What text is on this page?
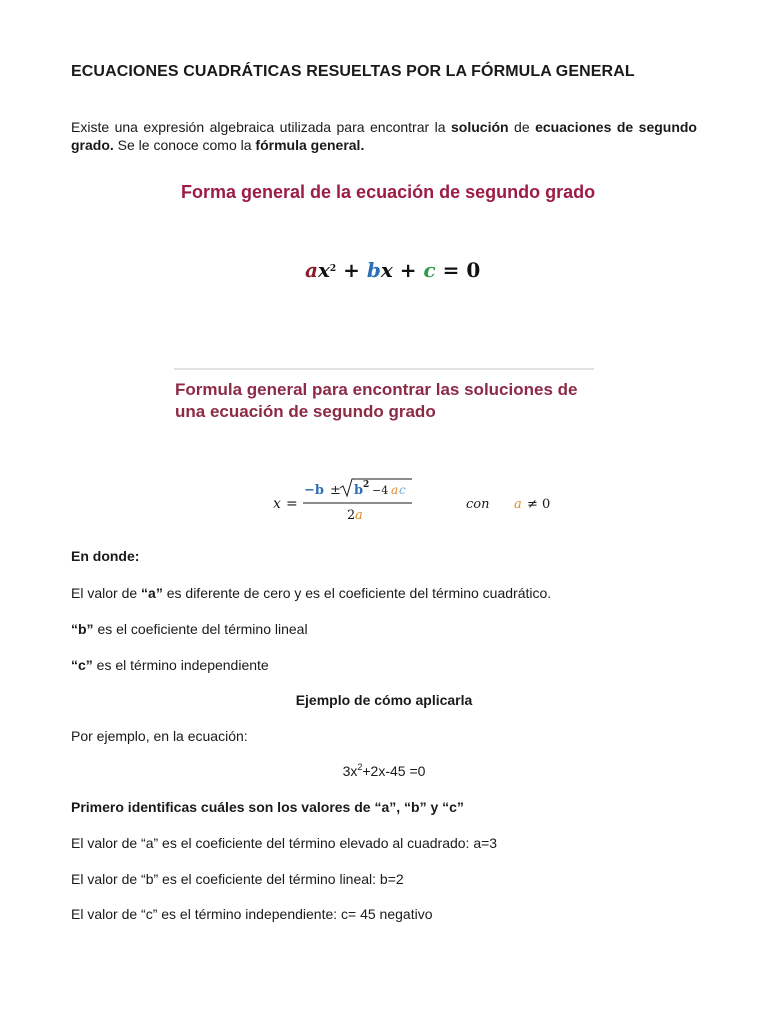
ECUACIONES CUADRÁTICAS RESUELTAS POR LA FÓRMULA GENERAL
Existe una expresión algebraica utilizada para encontrar la solución de ecuaciones de segundo grado. Se le conoce como la fórmula general.
Forma general de la ecuación de segundo grado
$ax^2$ + bx + c = 0
Formula general para encontrar las soluciones de una ecuación de segundo grado
x =
−b ± b 2 −4 a c
2 a
con a ≠ 0
En donde:
El valor de “a” es diferente de cero y es el coeficiente del término cuadrático.
“b” es el coeficiente del término lineal
“c” es el término independiente
Ejemplo de cómo aplicarla
Por ejemplo, en la ecuación:
$3x^2+2x-45 =0$
Primero identificas cuáles son los valores de “a”, “b” y “c”
El valor de “a” es el coeficiente del término elevado al cuadrado: a=3
El valor de “b” es el coeficiente del término lineal: b=2
El valor de “c” es el término independiente: c= 45 negativo
